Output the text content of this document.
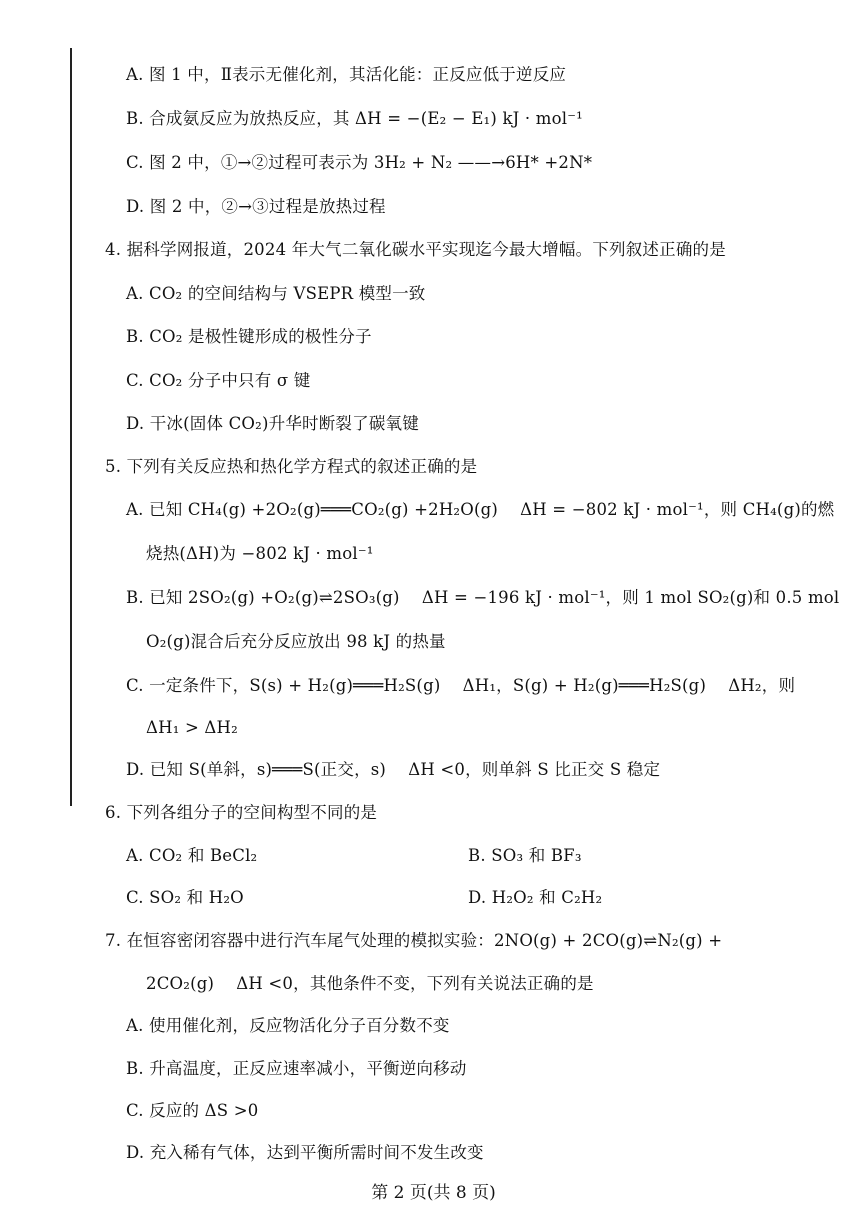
A. 图 1 中，Ⅱ表示无催化剂，其活化能：正反应低于逆反应
B. 合成氨反应为放热反应，其 ΔH = −(E₂ − E₁) kJ · mol⁻¹
C. 图 2 中，①→②过程可表示为 3H₂ + N₂ ——→6H* +2N*
D. 图 2 中，②→③过程是放热过程
4. 据科学网报道，2024 年大气二氧化碳水平实现迄今最大增幅。下列叙述正确的是
A. CO₂ 的空间结构与 VSEPR 模型一致
B. CO₂ 是极性键形成的极性分子
C. CO₂ 分子中只有 σ 键
D. 干冰(固体 CO₂)升华时断裂了碳氧键
5. 下列有关反应热和热化学方程式的叙述正确的是
A. 已知 CH₄(g) +2O₂(g)═══CO₂(g) +2H₂O(g)　 ΔH = −802 kJ · mol⁻¹，则 CH₄(g)的燃
烧热(ΔH)为 −802 kJ · mol⁻¹
B. 已知 2SO₂(g) +O₂(g)⇌2SO₃(g)　 ΔH = −196 kJ · mol⁻¹，则 1 mol SO₂(g)和 0.5 mol
O₂(g)混合后充分反应放出 98 kJ 的热量
C. 一定条件下，S(s) + H₂(g)═══H₂S(g)　 ΔH₁，S(g) + H₂(g)═══H₂S(g)　 ΔH₂，则
ΔH₁ > ΔH₂
D. 已知 S(单斜，s)═══S(正交，s)　 ΔH <0，则单斜 S 比正交 S 稳定
6. 下列各组分子的空间构型不同的是
A. CO₂ 和 BeCl₂	B. SO₃ 和 BF₃
C. SO₂ 和 H₂O	D. H₂O₂ 和 C₂H₂
7. 在恒容密闭容器中进行汽车尾气处理的模拟实验：2NO(g) + 2CO(g)⇌N₂(g) +
2CO₂(g)　 ΔH <0，其他条件不变，下列有关说法正确的是
A. 使用催化剂，反应物活化分子百分数不变
B. 升高温度，正反应速率减小，平衡逆向移动
C. 反应的 ΔS >0
D. 充入稀有气体，达到平衡所需时间不发生改变
第 2 页(共 8 页)
